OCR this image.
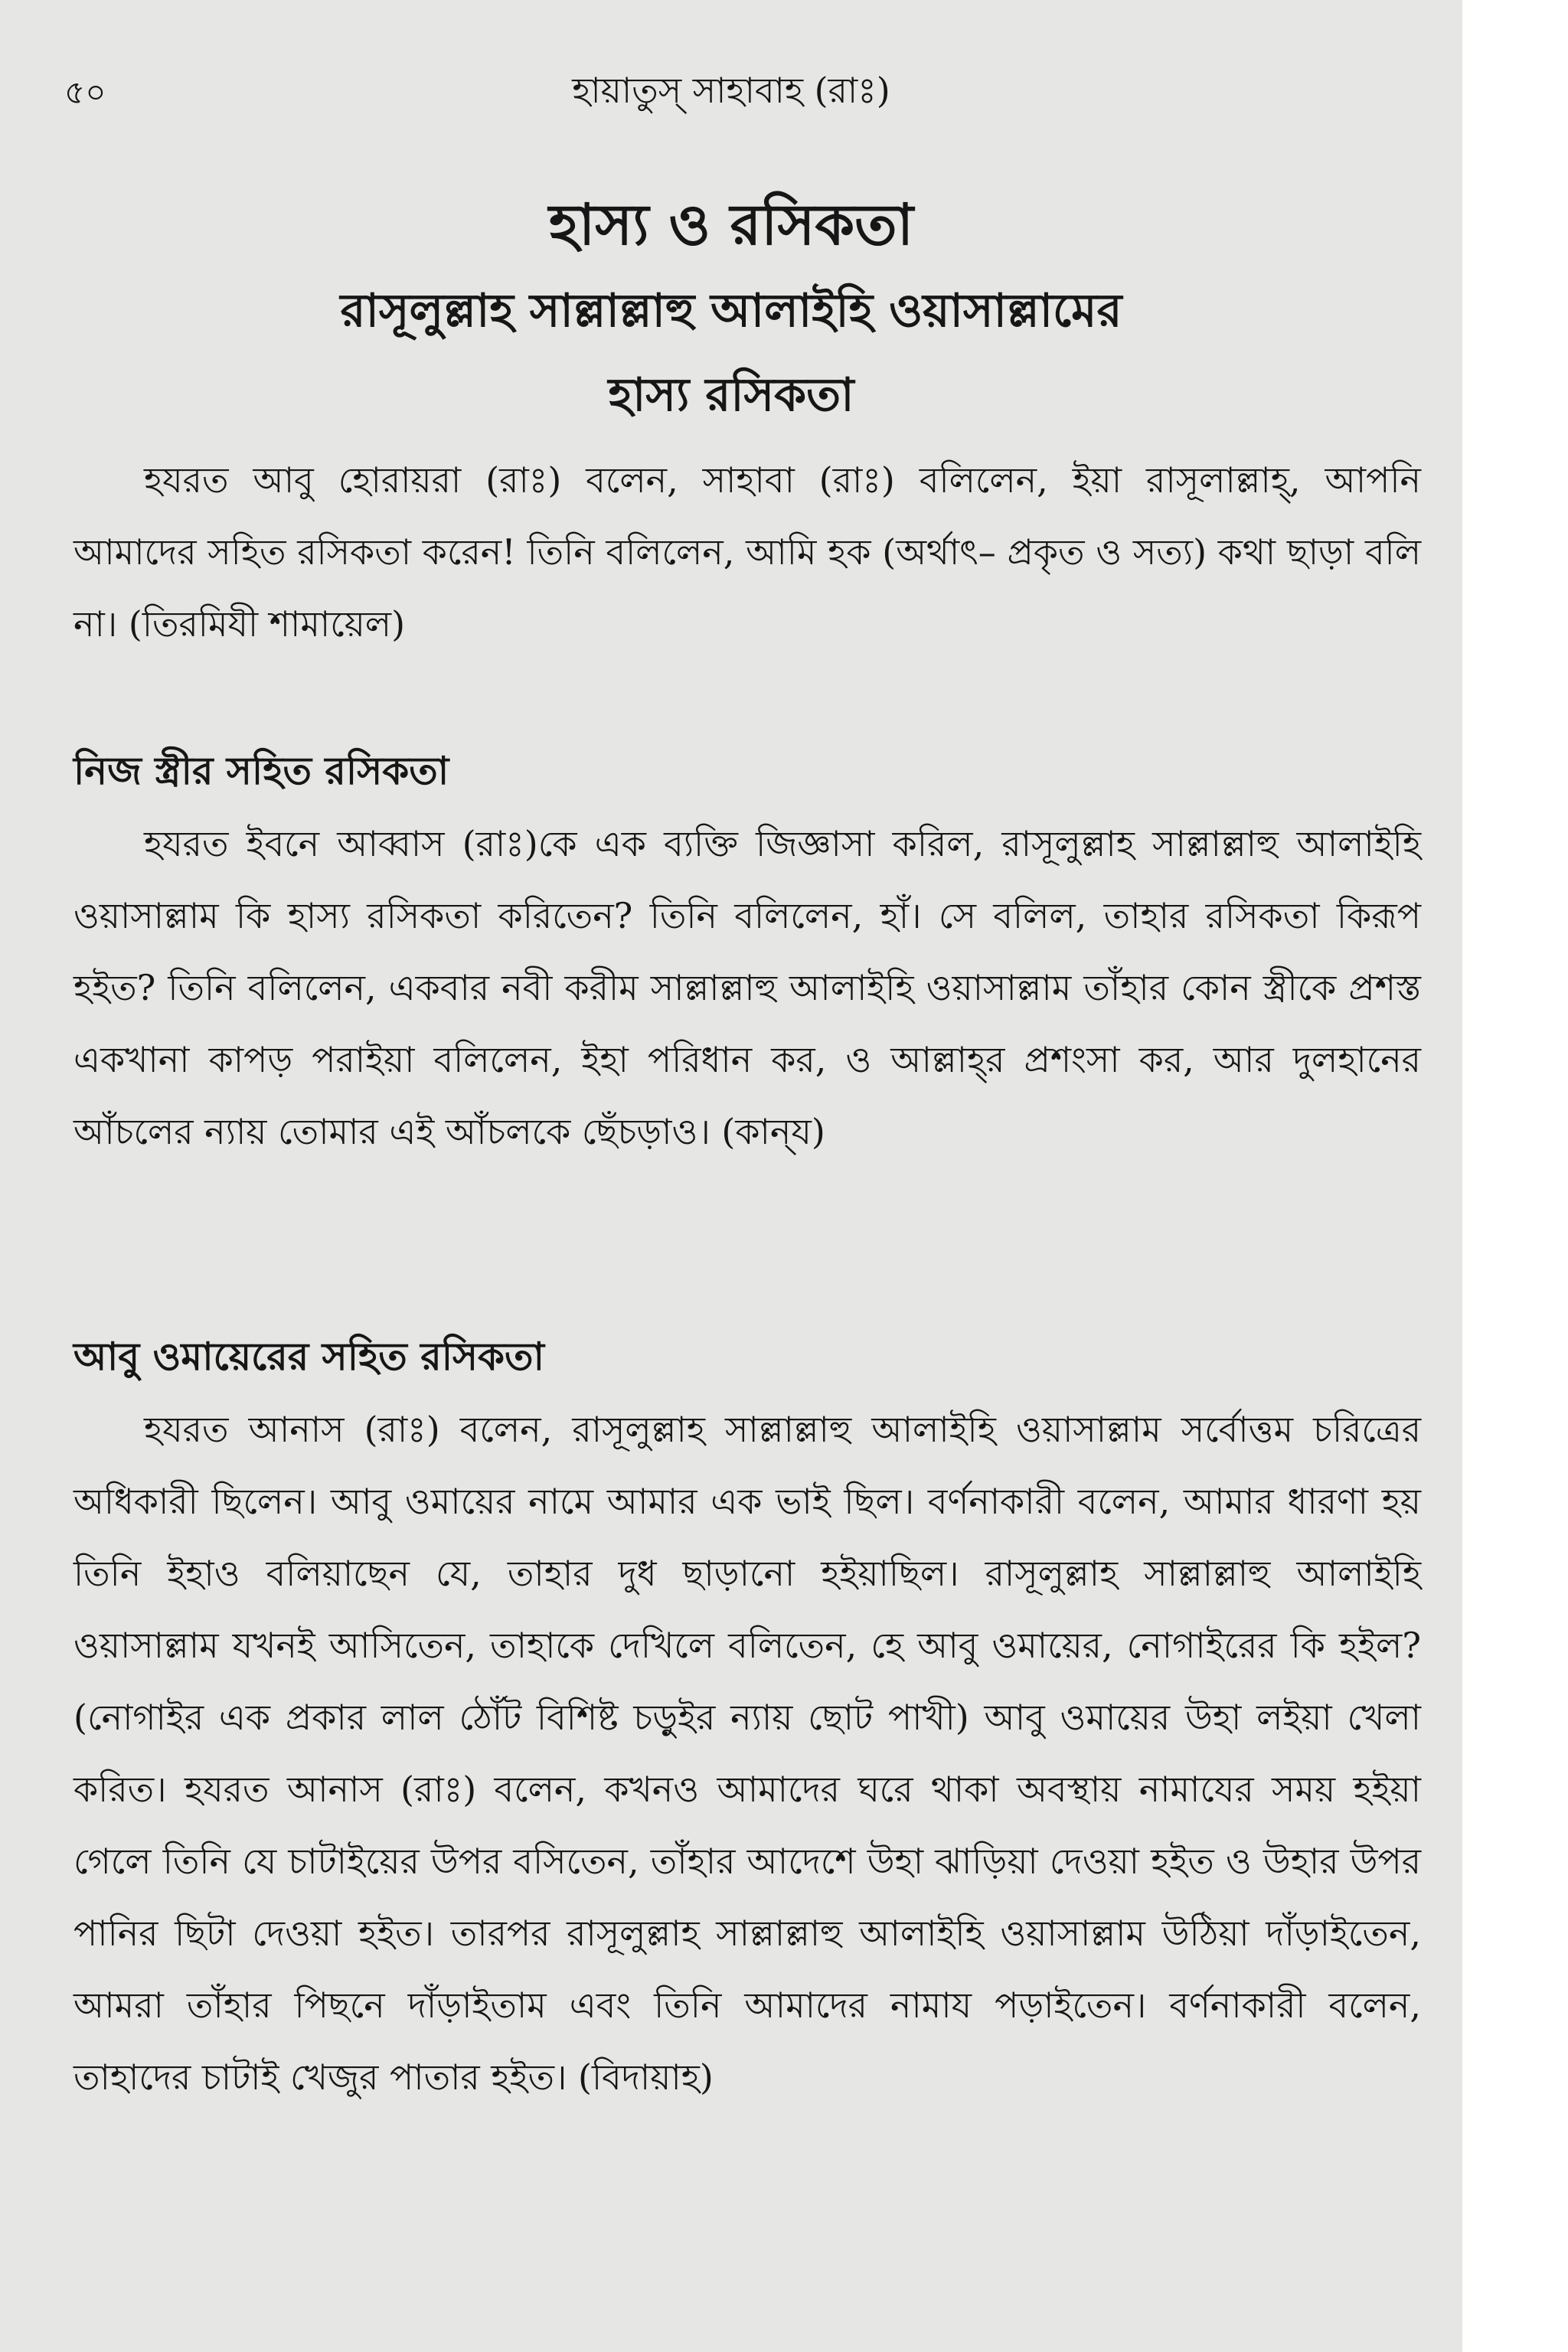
৫০	হায়াতুস্ সাহাবাহ (রাঃ)
হাস্য ও রসিকতা
রাসূলুল্লাহ সাল্লাল্লাহু আলাইহি ওয়াসাল্লামের
হাস্য রসিকতা

হযরত আবু হোরায়রা (রাঃ) বলেন, সাহাবা (রাঃ) বলিলেন, ইয়া রাসূলাল্লাহ্‌, আপনি আমাদের সহিত রসিকতা করেন! তিনি বলিলেন, আমি হক (অর্থাৎ– প্রকৃত ও সত্য) কথা ছাড়া বলি না। (তিরমিযী শামায়েল)

নিজ স্ত্রীর সহিত রসিকতা

হযরত ইবনে আব্বাস (রাঃ)কে এক ব্যক্তি জিজ্ঞাসা করিল, রাসূলুল্লাহ সাল্লাল্লাহু আলাইহি ওয়াসাল্লাম কি হাস্য রসিকতা করিতেন? তিনি বলিলেন, হাঁ। সে বলিল, তাহার রসিকতা কিরূপ হইত? তিনি বলিলেন, একবার নবী করীম সাল্লাল্লাহু আলাইহি ওয়াসাল্লাম তাঁহার কোন স্ত্রীকে প্রশস্ত একখানা কাপড় পরাইয়া বলিলেন, ইহা পরিধান কর, ও আল্লাহ্‌র প্রশংসা কর, আর দুলহানের আঁচলের ন্যায় তোমার এই আঁচলকে ছেঁচড়াও। (কান্‌য)

আবু ওমায়েরের সহিত রসিকতা

হযরত আনাস (রাঃ) বলেন, রাসূলুল্লাহ সাল্লাল্লাহু আলাইহি ওয়াসাল্লাম সর্বোত্তম চরিত্রের অধিকারী ছিলেন। আবু ওমায়ের নামে আমার এক ভাই ছিল। বর্ণনাকারী বলেন, আমার ধারণা হয় তিনি ইহাও বলিয়াছেন যে, তাহার দুধ ছাড়ানো হইয়াছিল। রাসূলুল্লাহ সাল্লাল্লাহু আলাইহি ওয়াসাল্লাম যখনই আসিতেন, তাহাকে দেখিলে বলিতেন, হে আবু ওমায়ের, নোগাইরের কি হইল? (নোগাইর এক প্রকার লাল ঠোঁট বিশিষ্ট চড়ুইর ন্যায় ছোট পাখী) আবু ওমায়ের উহা লইয়া খেলা করিত। হযরত আনাস (রাঃ) বলেন, কখনও আমাদের ঘরে থাকা অবস্থায় নামাযের সময় হইয়া গেলে তিনি যে চাটাইয়ের উপর বসিতেন, তাঁহার আদেশে উহা ঝাড়িয়া দেওয়া হইত ও উহার উপর পানির ছিটা দেওয়া হইত। তারপর রাসূলুল্লাহ সাল্লাল্লাহু আলাইহি ওয়াসাল্লাম উঠিয়া দাঁড়াইতেন, আমরা তাঁহার পিছনে দাঁড়াইতাম এবং তিনি আমাদের নামায পড়াইতেন। বর্ণনাকারী বলেন, তাহাদের চাটাই খেজুর পাতার হইত। (বিদায়াহ)
